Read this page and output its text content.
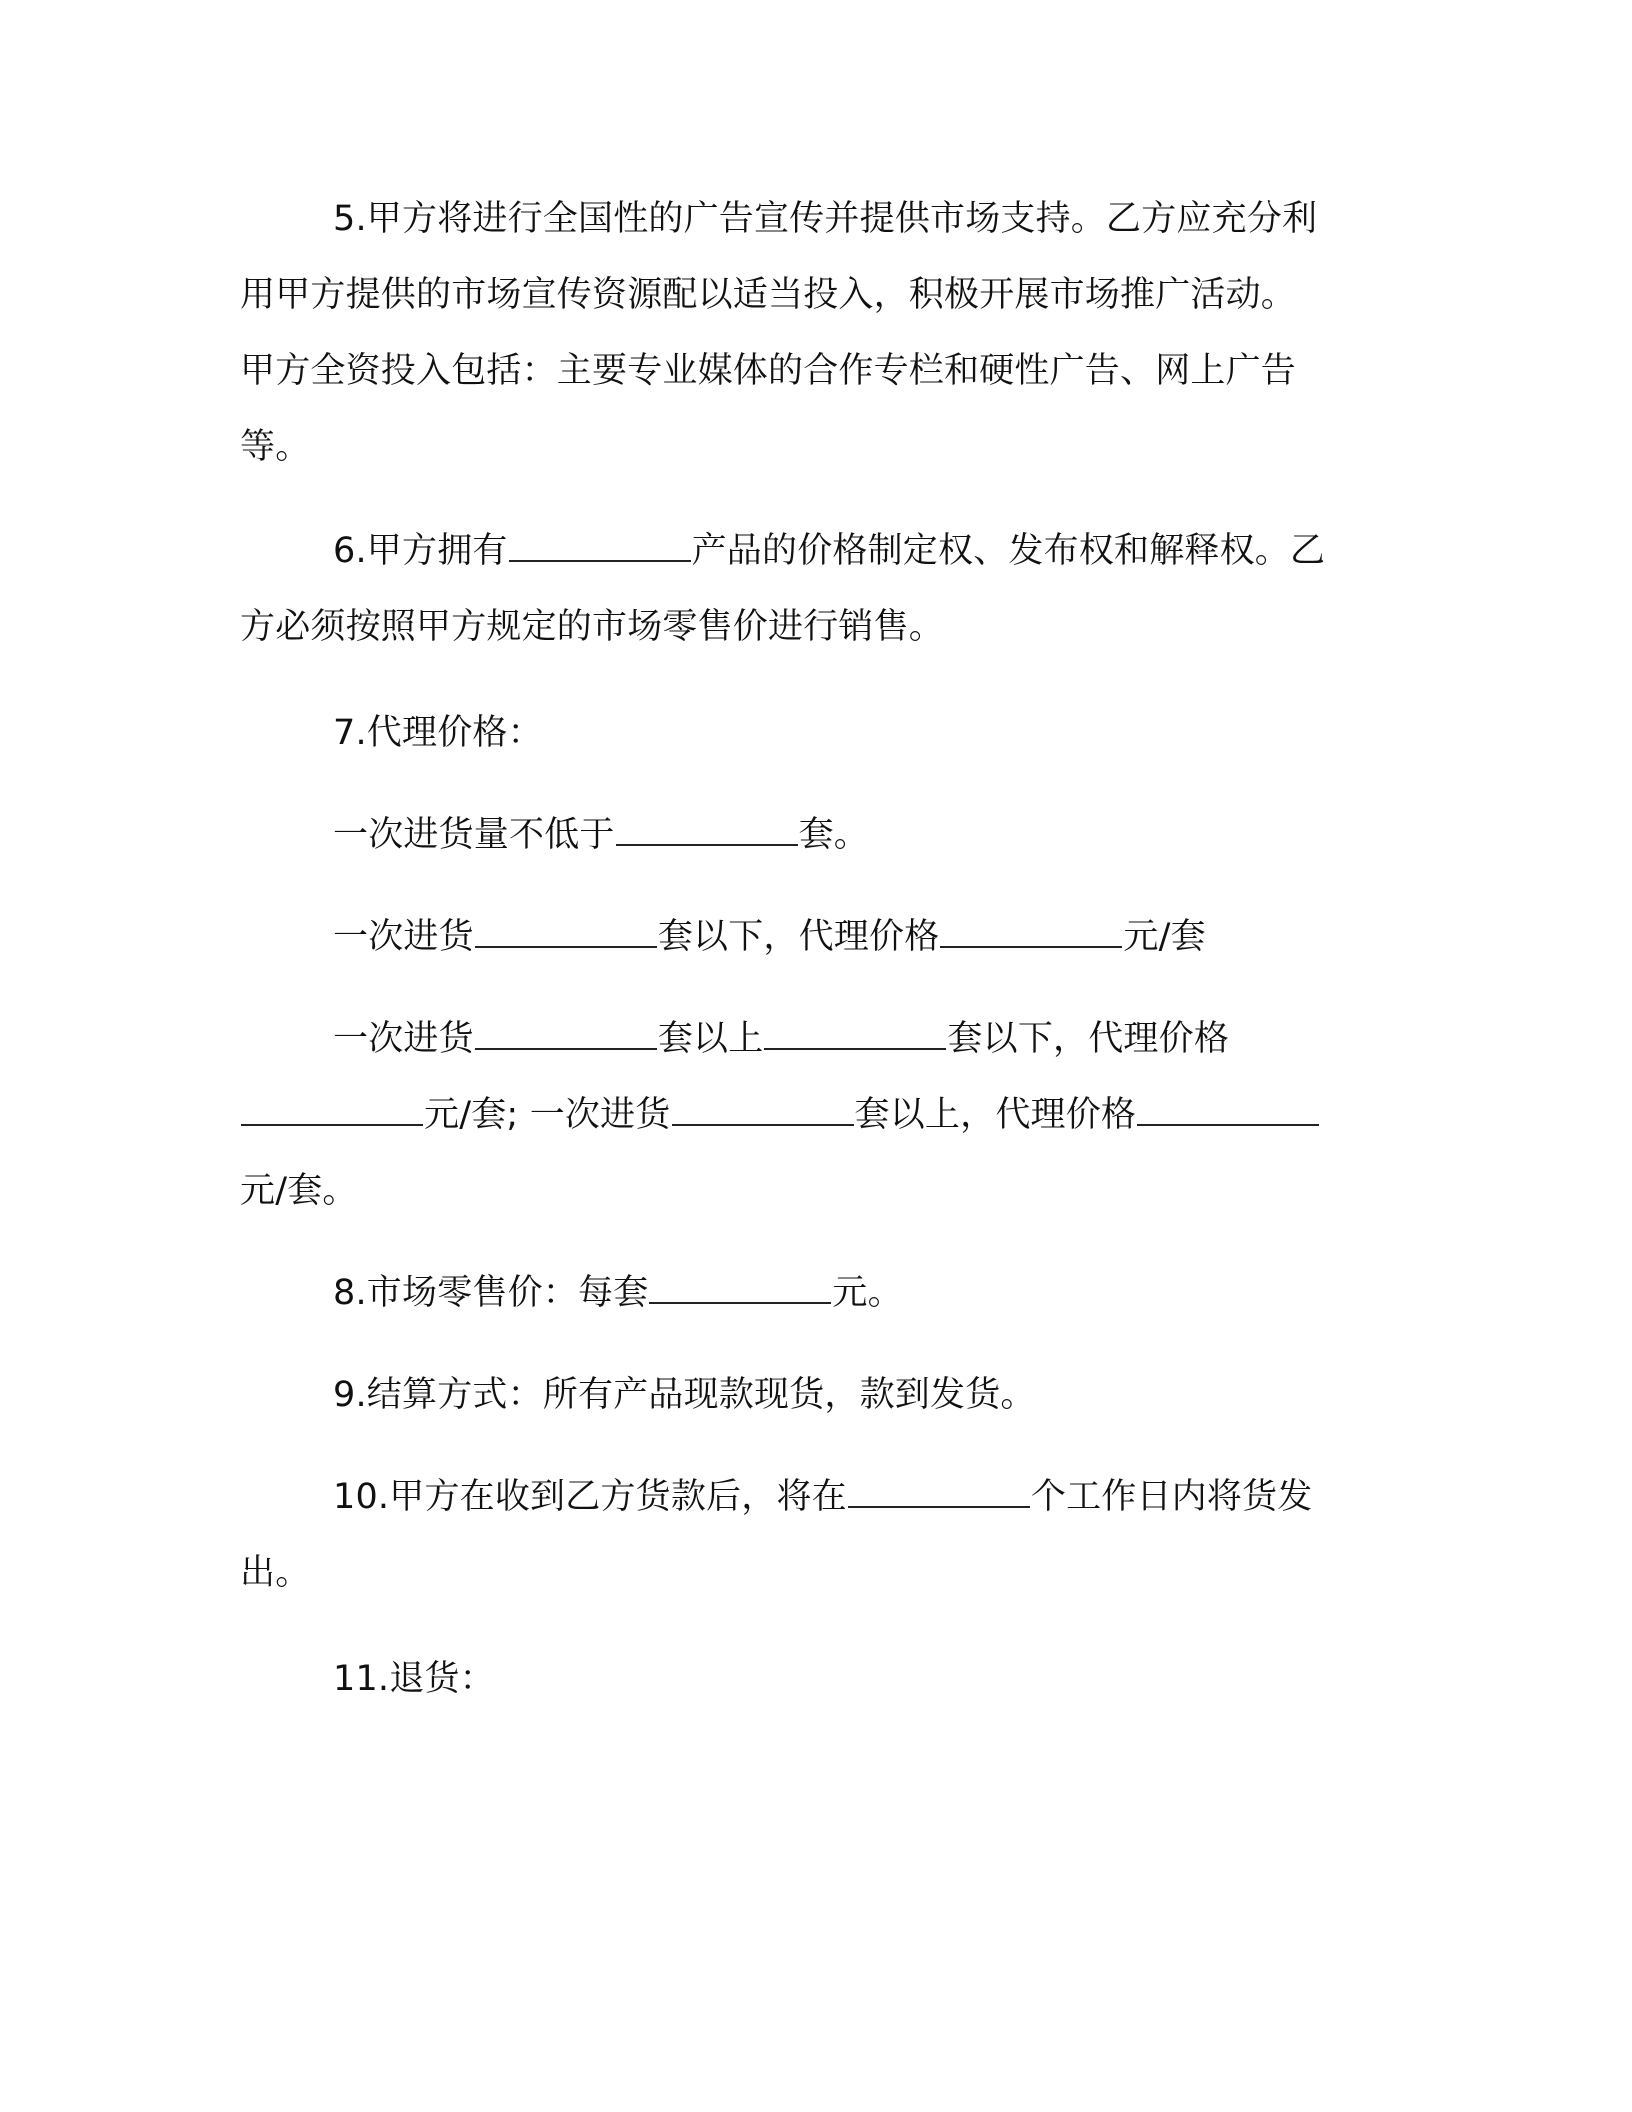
5.甲方将进行全国性的广告宣传并提供市场支持。乙方应充分利
用甲方提供的市场宣传资源配以适当投入，积极开展市场推广活动。
甲方全资投入包括：主要专业媒体的合作专栏和硬性广告、网上广告
等。
6.甲方拥有	产品的价格制定权、发布权和解释权。乙
方必须按照甲方规定的市场零售价进行销售。
7.代理价格：
一次进货量不低于	套。
一次进货	套以下，代理价格	元/套
一次进货	套以上	套以下，代理价格
元/套; 一次进货	套以上，代理价格
元/套。
8.市场零售价：每套	元。
9.结算方式：所有产品现款现货，款到发货。
10.甲方在收到乙方货款后，将在	个工作日内将货发
出。
11.退货：
